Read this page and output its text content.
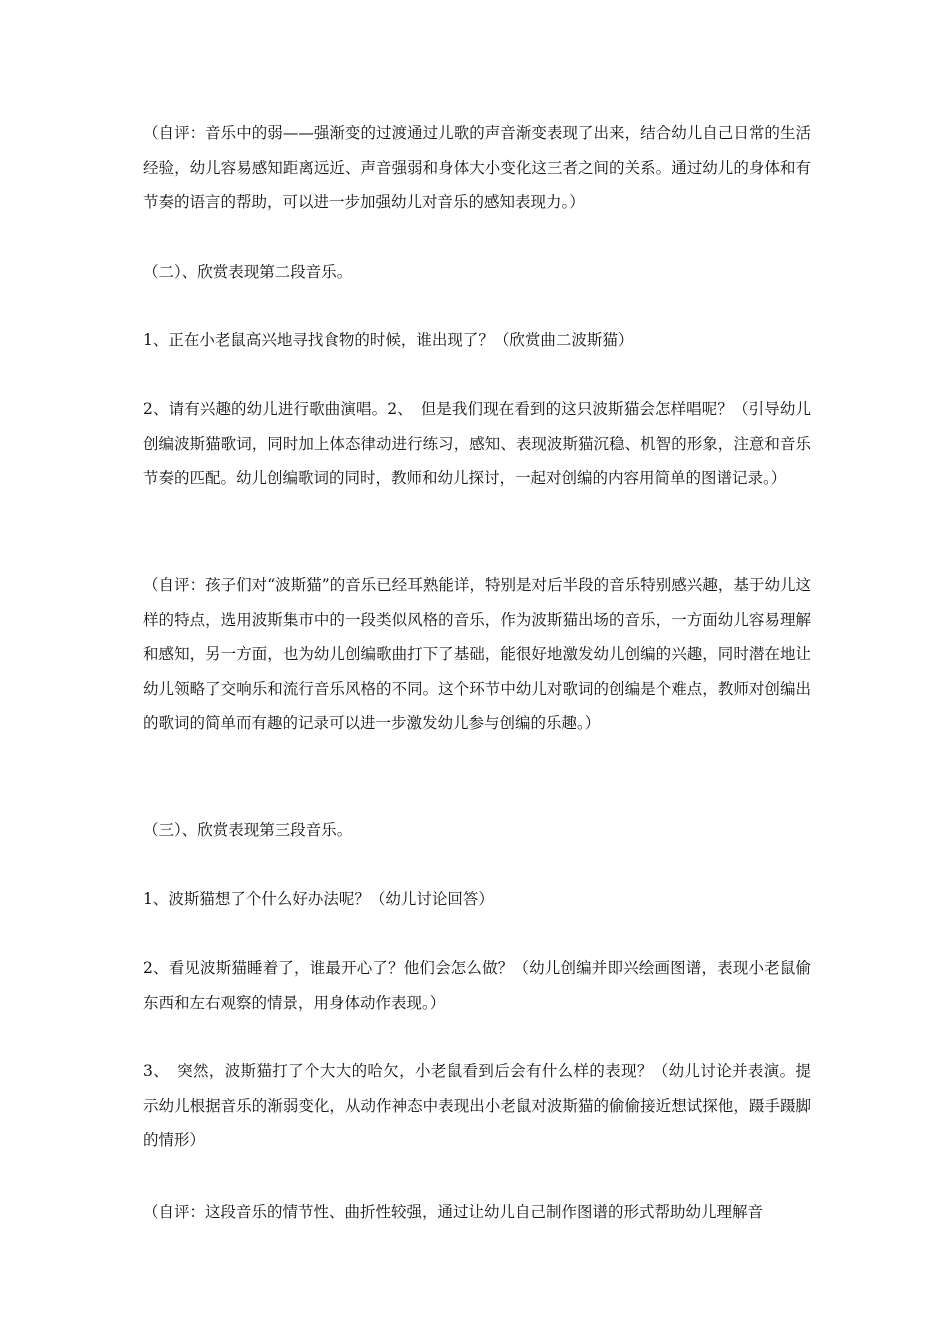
（自评：音乐中的弱——强渐变的过渡通过儿歌的声音渐变表现了出来，结合幼儿自己日常的生活经验，幼儿容易感知距离远近、声音强弱和身体大小变化这三者之间的关系。通过幼儿的身体和有节奏的语言的帮助，可以进一步加强幼儿对音乐的感知表现力。）

（二）、欣赏表现第二段音乐。

1、正在小老鼠高兴地寻找食物的时候，谁出现了？（欣赏曲二波斯猫）

2、请有兴趣的幼儿进行歌曲演唱。2、　但是我们现在看到的这只波斯猫会怎样唱呢？（引导幼儿创编波斯猫歌词，同时加上体态律动进行练习，感知、表现波斯猫沉稳、机智的形象，注意和音乐节奏的匹配。幼儿创编歌词的同时，教师和幼儿探讨，一起对创编的内容用简单的图谱记录。）

（自评：孩子们对“波斯猫”的音乐已经耳熟能详，特别是对后半段的音乐特别感兴趣，基于幼儿这样的特点，选用波斯集市中的一段类似风格的音乐，作为波斯猫出场的音乐，一方面幼儿容易理解和感知，另一方面，也为幼儿创编歌曲打下了基础，能很好地激发幼儿创编的兴趣，同时潜在地让幼儿领略了交响乐和流行音乐风格的不同。这个环节中幼儿对歌词的创编是个难点，教师对创编出的歌词的简单而有趣的记录可以进一步激发幼儿参与创编的乐趣。）

（三）、欣赏表现第三段音乐。

1、波斯猫想了个什么好办法呢？（幼儿讨论回答）

2、看见波斯猫睡着了，谁最开心了？他们会怎么做？（幼儿创编并即兴绘画图谱，表现小老鼠偷东西和左右观察的情景，用身体动作表现。）

3、　突然，波斯猫打了个大大的哈欠，小老鼠看到后会有什么样的表现？（幼儿讨论并表演。提示幼儿根据音乐的渐弱变化，从动作神态中表现出小老鼠对波斯猫的偷偷接近想试探他，蹑手蹑脚的情形）

（自评：这段音乐的情节性、曲折性较强，通过让幼儿自己制作图谱的形式帮助幼儿理解音
